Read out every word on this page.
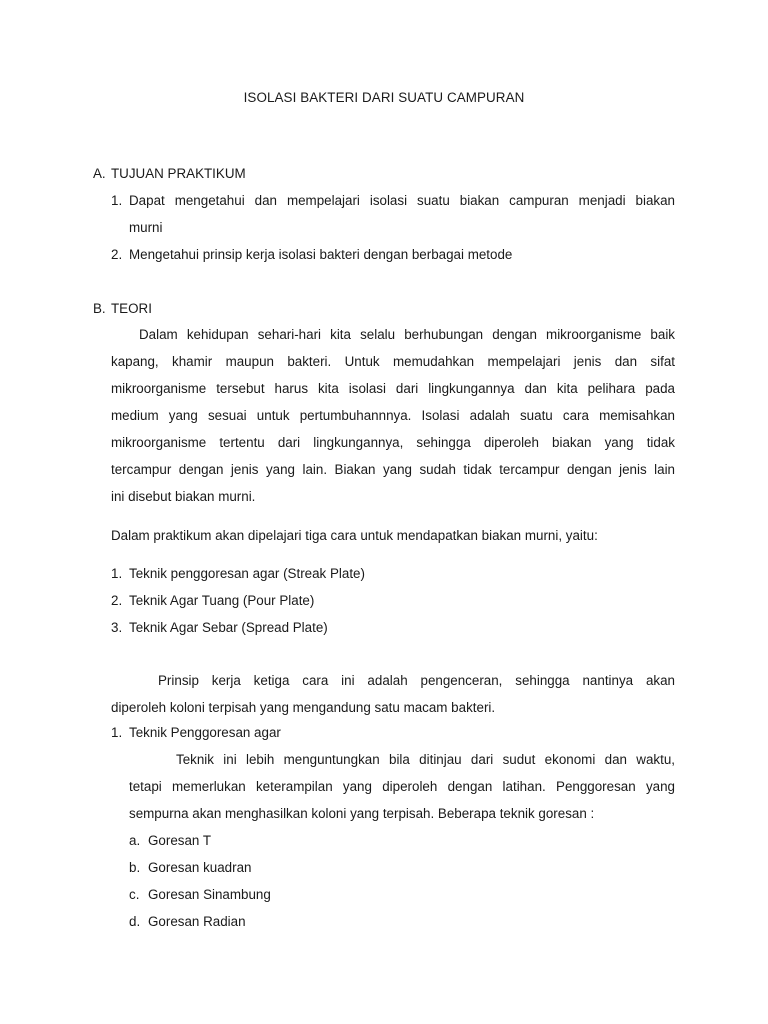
ISOLASI BAKTERI DARI SUATU CAMPURAN
A. TUJUAN PRAKTIKUM
1. Dapat mengetahui dan mempelajari isolasi suatu biakan campuran menjadi biakan
murni
2. Mengetahui prinsip kerja isolasi bakteri dengan berbagai metode
B. TEORI
Dalam kehidupan sehari-hari kita selalu berhubungan dengan mikroorganisme baik
kapang, khamir maupun bakteri. Untuk memudahkan mempelajari jenis dan sifat
mikroorganisme tersebut harus kita isolasi dari lingkungannya dan kita pelihara pada
medium yang sesuai untuk pertumbuhannnya. Isolasi adalah suatu cara memisahkan
mikroorganisme tertentu dari lingkungannya, sehingga diperoleh biakan yang tidak
tercampur dengan jenis yang lain. Biakan yang sudah tidak tercampur dengan jenis lain
ini disebut biakan murni.
Dalam praktikum akan dipelajari tiga cara untuk mendapatkan biakan murni, yaitu:
1. Teknik penggoresan agar (Streak Plate)
2. Teknik Agar Tuang (Pour Plate)
3. Teknik Agar Sebar (Spread Plate)
Prinsip kerja ketiga cara ini adalah pengenceran, sehingga nantinya akan
diperoleh koloni terpisah yang mengandung satu macam bakteri.
1. Teknik Penggoresan agar
Teknik ini lebih menguntungkan bila ditinjau dari sudut ekonomi dan waktu,
tetapi memerlukan keterampilan yang diperoleh dengan latihan. Penggoresan yang
sempurna akan menghasilkan koloni yang terpisah. Beberapa teknik goresan :
a. Goresan T
b. Goresan kuadran
c. Goresan Sinambung
d. Goresan Radian
